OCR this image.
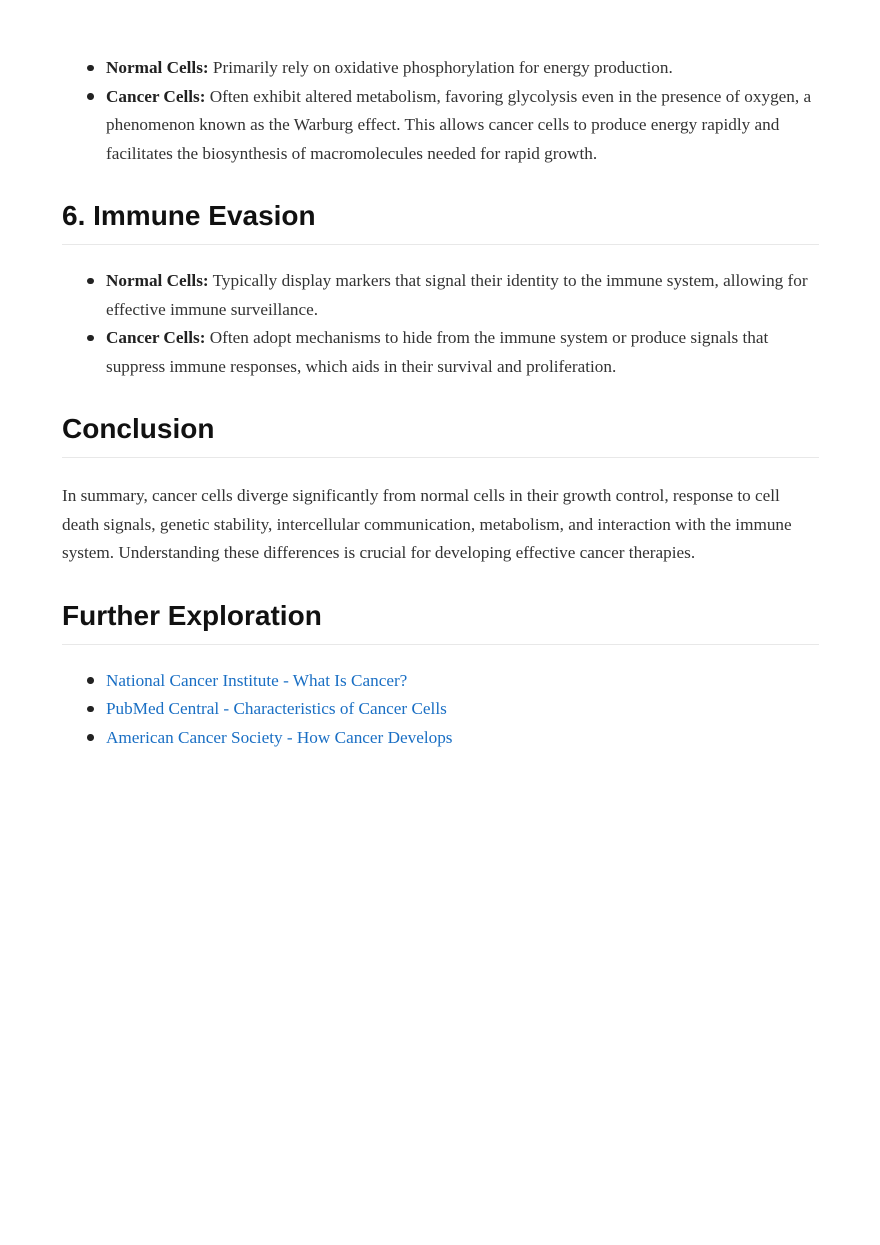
Normal Cells: Primarily rely on oxidative phosphorylation for energy production.
Cancer Cells: Often exhibit altered metabolism, favoring glycolysis even in the presence of oxygen, a phenomenon known as the Warburg effect. This allows cancer cells to produce energy rapidly and facilitates the biosynthesis of macromolecules needed for rapid growth.
6. Immune Evasion
Normal Cells: Typically display markers that signal their identity to the immune system, allowing for effective immune surveillance.
Cancer Cells: Often adopt mechanisms to hide from the immune system or produce signals that suppress immune responses, which aids in their survival and proliferation.
Conclusion

In summary, cancer cells diverge significantly from normal cells in their growth control, response to cell death signals, genetic stability, intercellular communication, metabolism, and interaction with the immune system. Understanding these differences is crucial for developing effective cancer therapies.

Further Exploration
National Cancer Institute - What Is Cancer?
PubMed Central - Characteristics of Cancer Cells
American Cancer Society - How Cancer Develops
